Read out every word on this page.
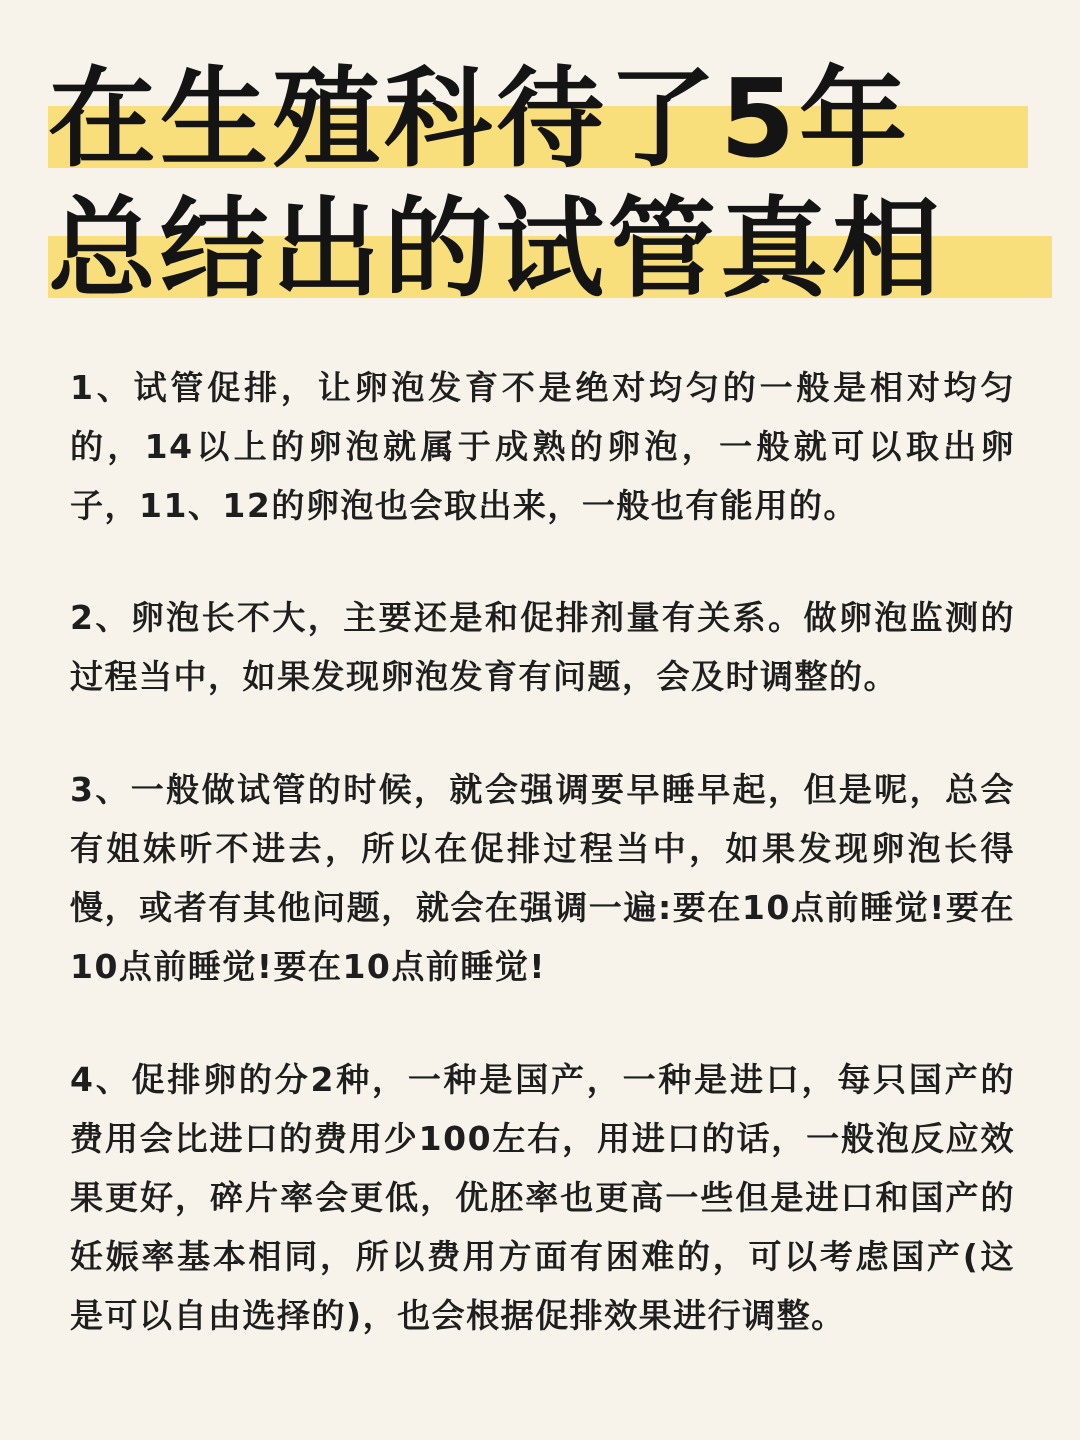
在生殖科待了5年
总结出的试管真相

1、试管促排，让卵泡发育不是绝对均匀的一般是相对均匀的，14以上的卵泡就属于成熟的卵泡，一般就可以取出卵子，11、12的卵泡也会取出来，一般也有能用的。

2、卵泡长不大，主要还是和促排剂量有关系。做卵泡监测的过程当中，如果发现卵泡发育有问题，会及时调整的。

3、一般做试管的时候，就会强调要早睡早起，但是呢，总会有姐妹听不进去，所以在促排过程当中，如果发现卵泡长得慢，或者有其他问题，就会在强调一遍:要在10点前睡觉!要在 10点前睡觉!要在10点前睡觉!

4、促排卵的分2种，一种是国产，一种是进口，每只国产的费用会比进口的费用少100左右，用进口的话，一般泡反应效果更好，碎片率会更低，优胚率也更高一些但是进口和国产的妊娠率基本相同，所以费用方面有困难的，可以考虑国产(这是可以自由选择的)，也会根据促排效果进行调整。
